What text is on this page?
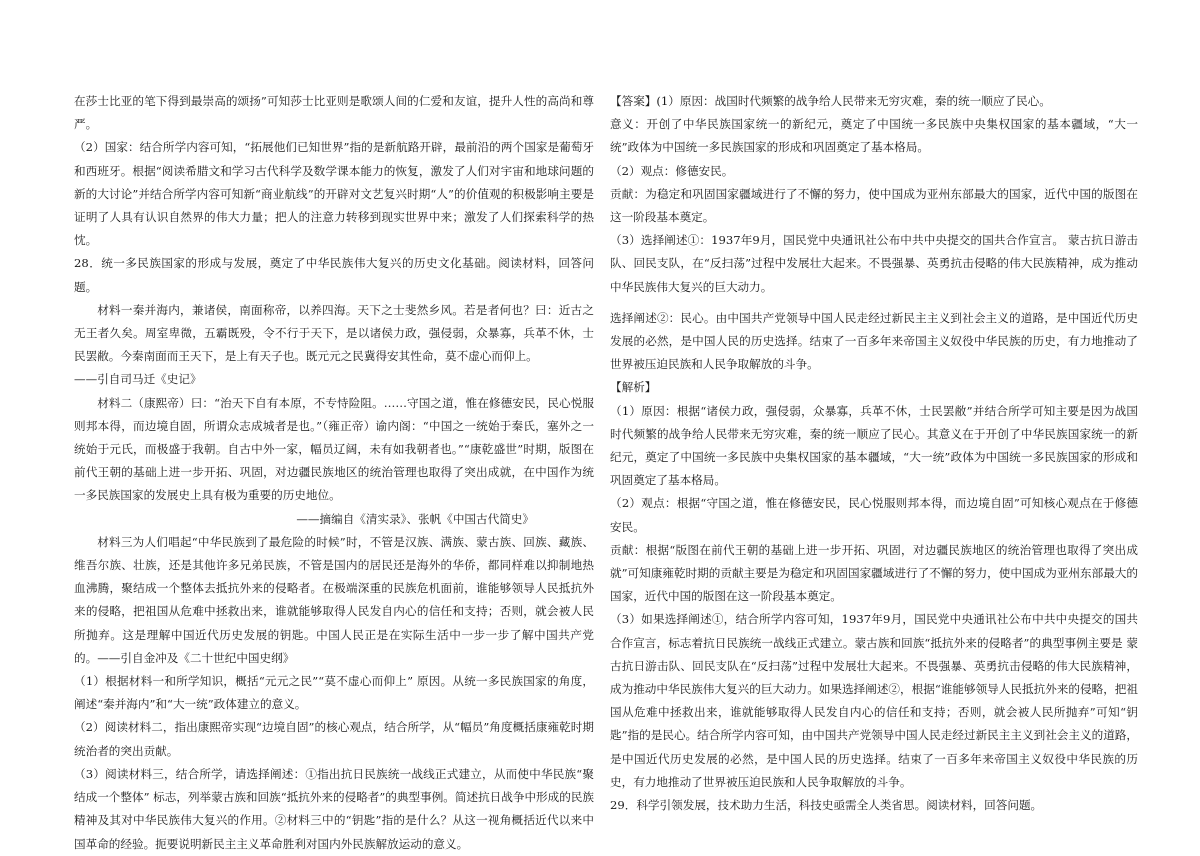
在莎士比亚的笔下得到最崇高的颂扬”可知莎士比亚则是歌颂人间的仁爱和友谊，提升人性的高尚和尊严。

（2）国家：结合所学内容可知，“拓展他们已知世界”指的是新航路开辟，最前沿的两个国家是葡萄牙和西班牙。根据“阅读希腊文和学习古代科学及数学课本能力的恢复，激发了人们对宇宙和地球问题的新的大讨论”并结合所学内容可知新“商业航线”的开辟对文艺复兴时期“人”的价值观的积极影响主要是证明了人具有认识自然界的伟大力量；把人的注意力转移到现实世界中来；激发了人们探索科学的热忱。

28．统一多民族国家的形成与发展，奠定了中华民族伟大复兴的历史文化基础。阅读材料，回答问题。

材料一秦并海内，兼诸侯，南面称帝，以养四海。天下之士斐然乡风。若是者何也？曰：近古之无王者久矣。周室卑微，五霸既殁，令不行于天下，是以诸侯力政，强侵弱，众暴寡，兵革不休，士民罢敝。今秦南面而王天下，是上有天子也。既元元之民冀得安其性命，莫不虚心而仰上。

——引自司马迁《史记》

材料二（康熙帝）曰：“治天下自有本原，不专恃险阻。……守国之道，惟在修德安民，民心悦服则邦本得，而边境自固，所谓众志成城者是也。”（雍正帝）谕内阁：“中国之一统始于秦氏，塞外之一统始于元氏，而极盛于我朝。自古中外一家，幅员辽阔，未有如我朝者也。”“康乾盛世”时期，版图在前代王朝的基础上进一步开拓、巩固，对边疆民族地区的统治管理也取得了突出成就，在中国作为统一多民族国家的发展史上具有极为重要的历史地位。

——摘编自《清实录》、张帆《中国古代简史》

材料三为人们唱起“中华民族到了最危险的时候”时，不管是汉族、满族、蒙古族、回族、藏族、维吾尔族、壮族，还是其他许多兄弟民族，不管是国内的居民还是海外的华侨，都同样难以抑制地热血沸腾，聚结成一个整体去抵抗外来的侵略者。在极端深重的民族危机面前，谁能够领导人民抵抗外来的侵略，把祖国从危难中拯救出来，谁就能够取得人民发自内心的信任和支持；否则，就会被人民所抛弃。这是理解中国近代历史发展的钥匙。中国人民正是在实际生活中一步一步了解中国共产党的。——引自金冲及《二十世纪中国史纲》

（1）根据材料一和所学知识，概括“元元之民”“莫不虚心而仰上” 原因。从统一多民族国家的角度，阐述“秦并海内”和“大一统”政体建立的意义。

（2）阅读材料二，指出康熙帝实现“边境自固”的核心观点，结合所学，从“幅员”角度概括康雍乾时期统治者的突出贡献。

（3）阅读材料三，结合所学，请选择阐述：①指出抗日民族统一战线正式建立，从而使中华民族“聚结成一个整体” 标志，列举蒙古族和回族“抵抗外来的侵略者”的典型事例。简述抗日战争中形成的民族精神及其对中华民族伟大复兴的作用。②材料三中的“钥匙”指的是什么？从这一视角概括近代以来中国革命的经验。扼要说明新民主主义革命胜利对国内外民族解放运动的意义。

【答案】(1）原因：战国时代频繁的战争给人民带来无穷灾难，秦的统一顺应了民心。

意义：开创了中华民族国家统一的新纪元，奠定了中国统一多民族中央集权国家的基本疆域，“大一统”政体为中国统一多民族国家的形成和巩固奠定了基本格局。

（2）观点：修德安民。

贡献：为稳定和巩固国家疆域进行了不懈的努力，使中国成为亚州东部最大的国家，近代中国的版图在这一阶段基本奠定。

（3）选择阐述①：1937年9月，国民党中央通讯社公布中共中央提交的国共合作宣言。 蒙古抗日游击队、回民支队，在“反扫荡”过程中发展壮大起来。不畏强暴、英勇抗击侵略的伟大民族精神，成为推动中华民族伟大复兴的巨大动力。

选择阐述②：民心。由中国共产党领导中国人民走经过新民主主义到社会主义的道路，是中国近代历史发展的必然，是中国人民的历史选择。结束了一百多年来帝国主义奴役中华民族的历史，有力地推动了世界被压迫民族和人民争取解放的斗争。

【解析】

（1）原因：根据“诸侯力政，强侵弱，众暴寡，兵革不休，士民罢敝”并结合所学可知主要是因为战国时代频繁的战争给人民带来无穷灾难，秦的统一顺应了民心。其意义在于开创了中华民族国家统一的新纪元，奠定了中国统一多民族中央集权国家的基本疆域，“大一统”政体为中国统一多民族国家的形成和巩固奠定了基本格局。

（2）观点：根据“守国之道，惟在修德安民，民心悦服则邦本得，而边境自固”可知核心观点在于修德安民。

贡献：根据“版图在前代王朝的基础上进一步开拓、巩固，对边疆民族地区的统治管理也取得了突出成就”可知康雍乾时期的贡献主要是为稳定和巩固国家疆域进行了不懈的努力，使中国成为亚州东部最大的国家，近代中国的版图在这一阶段基本奠定。

（3）如果选择阐述①，结合所学内容可知，1937年9月，国民党中央通讯社公布中共中央提交的国共合作宣言，标志着抗日民族统一战线正式建立。蒙古族和回族“抵抗外来的侵略者”的典型事例主要是 蒙古抗日游击队、回民支队在“反扫荡”过程中发展壮大起来。不畏强暴、英勇抗击侵略的伟大民族精神，成为推动中华民族伟大复兴的巨大动力。如果选择阐述②，根据“谁能够领导人民抵抗外来的侵略，把祖国从危难中拯救出来，谁就能够取得人民发自内心的信任和支持；否则，就会被人民所抛弃”可知“钥匙”指的是民心。结合所学内容可知，由中国共产党领导中国人民走经过新民主主义到社会主义的道路，是中国近代历史发展的必然，是中国人民的历史选择。结束了一百多年来帝国主义奴役中华民族的历史，有力地推动了世界被压迫民族和人民争取解放的斗争。

29．科学引领发展，技术助力生活，科技史亟需全人类省思。阅读材料，回答问题。
